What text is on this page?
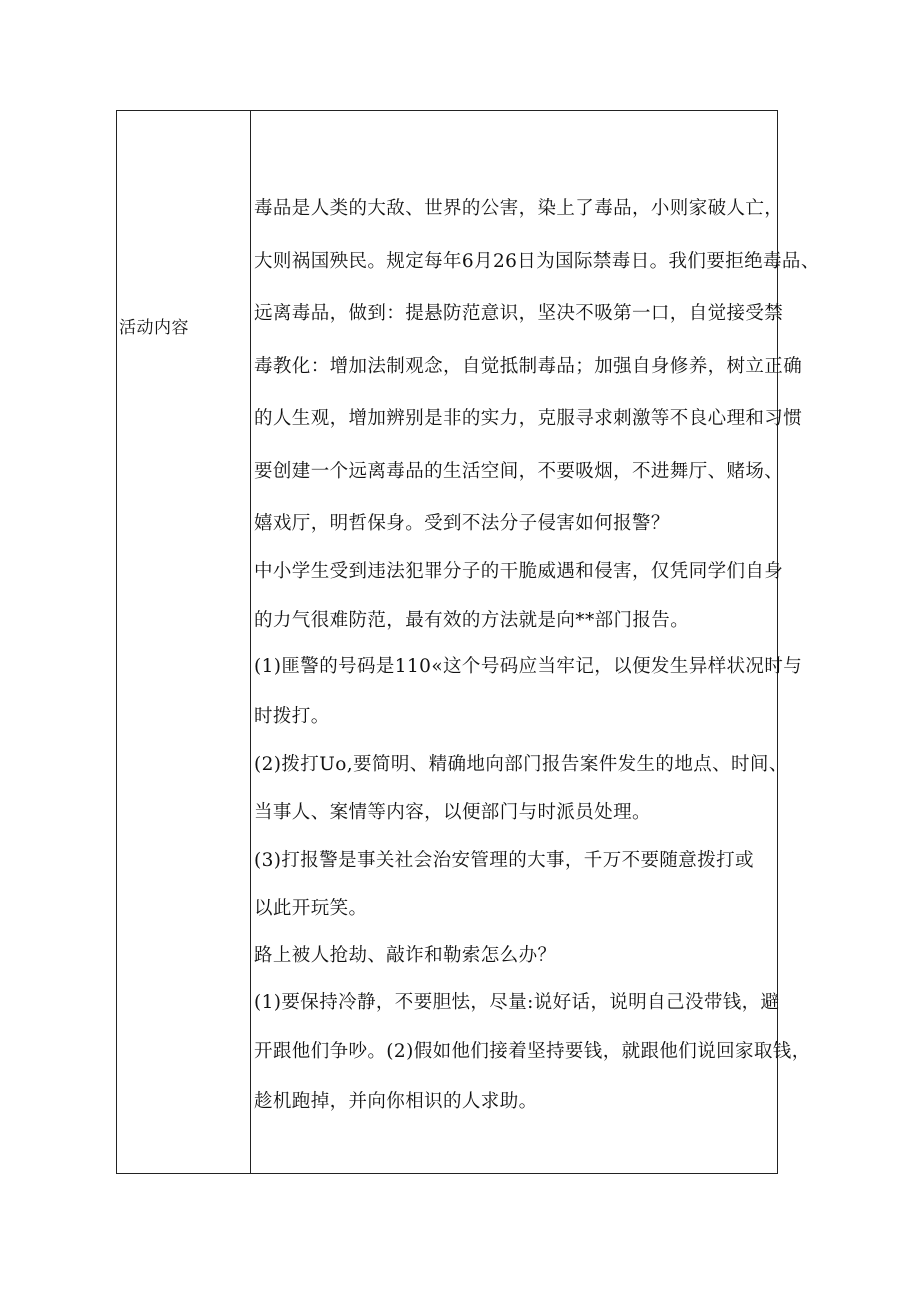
活动内容
毒品是人类的大敌、世界的公害，染上了毒品，小则家破人亡，
大则祸国殃民。规定每年6月26日为国际禁毒日。我们要拒绝毒品、
远离毒品，做到：提悬防范意识，坚决不吸第一口，自觉接受禁
毒教化：增加法制观念，自觉抵制毒品；加强自身修养，树立正确
的人生观，增加辨别是非的实力，克服寻求刺激等不良心理和习惯
要创建一个远离毒品的生活空间，不要吸烟，不进舞厅、赌场、
嬉戏厅，明哲保身。受到不法分子侵害如何报警？
中小学生受到违法犯罪分子的干脆威遇和侵害，仅凭同学们自身
的力气很难防范，最有效的方法就是向**部门报告。
(1)匪警的号码是110«这个号码应当牢记，以便发生异样状况时与
时拨打。
(2)拨打Uo,要简明、精确地向部门报告案件发生的地点、时间、
当事人、案情等内容，以便部门与时派员处理。
(3)打报警是事关社会治安管理的大事，千万不要随意拨打或
以此开玩笑。
路上被人抢劫、敲诈和勒索怎么办？
(1)要保持冷静，不要胆怯，尽量:说好话，说明自己没带钱，避
开跟他们争吵。(2)假如他们接着坚持要钱，就跟他们说回家取钱，
趁机跑掉，并向你相识的人求助。
